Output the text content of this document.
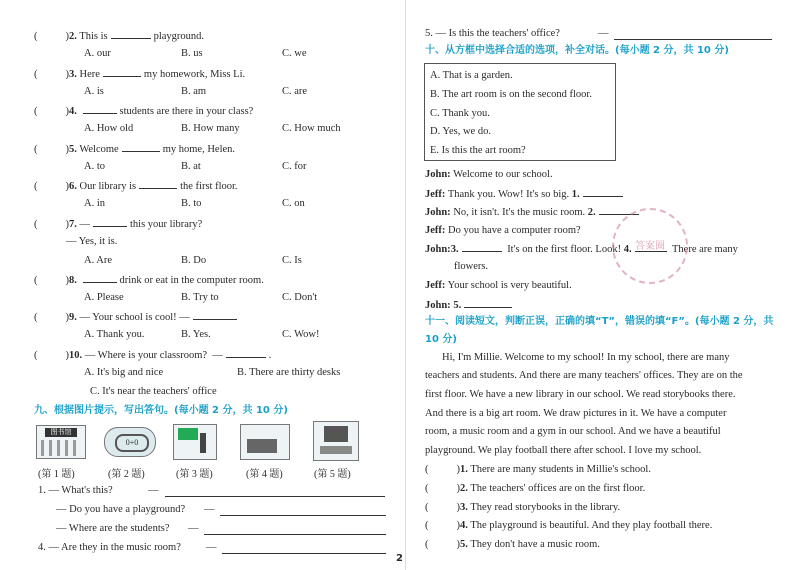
(	)2. This is	playground.
A. our	B. us	C. we
(	)3. Here	my homework, Miss Li.
A. is	B. am	C. are
(	)4.	students are there in your class?
A. How old	B. How many	C. How much
(	)5. Welcome	my home, Helen.
A. to	B. at	C. for
(	)6. Our library is	the first floor.
A. in	B. to	C. on
(	)7. —	this your library?
— Yes, it is.
A. Are	B. Do	C. Is
(	)8.	drink or eat in the computer room.
A. Please	B. Try to	C. Don't
(	)9. — Your school is cool! —
A. Thank you.	B. Yes.	C. Wow!
(	)10. — Where is your classroom? —	.
A. It's big and nice	B. There are thirty desks
C. It's near the teachers' office
九、根据图片提示，写出答句。(每小题 2 分，共 10 分)
图书馆
0+0
(第 1 题)	(第 2 题)	(第 3 题)	(第 4 题)	(第 5 题)
1. — What's this?	—
— Do you have a playground? —
— Where are the students? —
4. — Are they in the music room? —
5. — Is this the teachers' office?	—
十、从方框中选择合适的选项，补全对话。(每小题 2 分，共 10 分)
A. That is a garden.
B. The art room is on the second floor.
C. Thank you.
D. Yes, we do.
E. Is this the art room?
John: Welcome to our school.
Jeff: Thank you. Wow! It's so big. 1.
John: No, it isn't. It's the music room. 2.
Jeff: Do you have a computer room?
John:3.	It's on the first floor. Look! 4.	There are many
flowers.
Jeff: Your school is very beautiful.
John: 5.
答案圈
十一、阅读短文，判断正误，正确的填“T”，错误的填“F”。(每小题 2 分，共
10 分)
Hi, I'm Millie. Welcome to my school! In my school, there are many
teachers and students. And there are many teachers' offices. They are on the
first floor. We have a new library in our school. We read storybooks there.
And there is a big art room. We draw pictures in it. We have a computer
room, a music room and a gym in our school. And we have a beautiful
playground. We play football there after school. I love my school.
(	)1. There are many students in Millie's school.
(	)2. The teachers' offices are on the first floor.
(	)3. They read storybooks in the library.
(	)4. The playground is beautiful. And they play football there.
(	)5. They don't have a music room.
2
